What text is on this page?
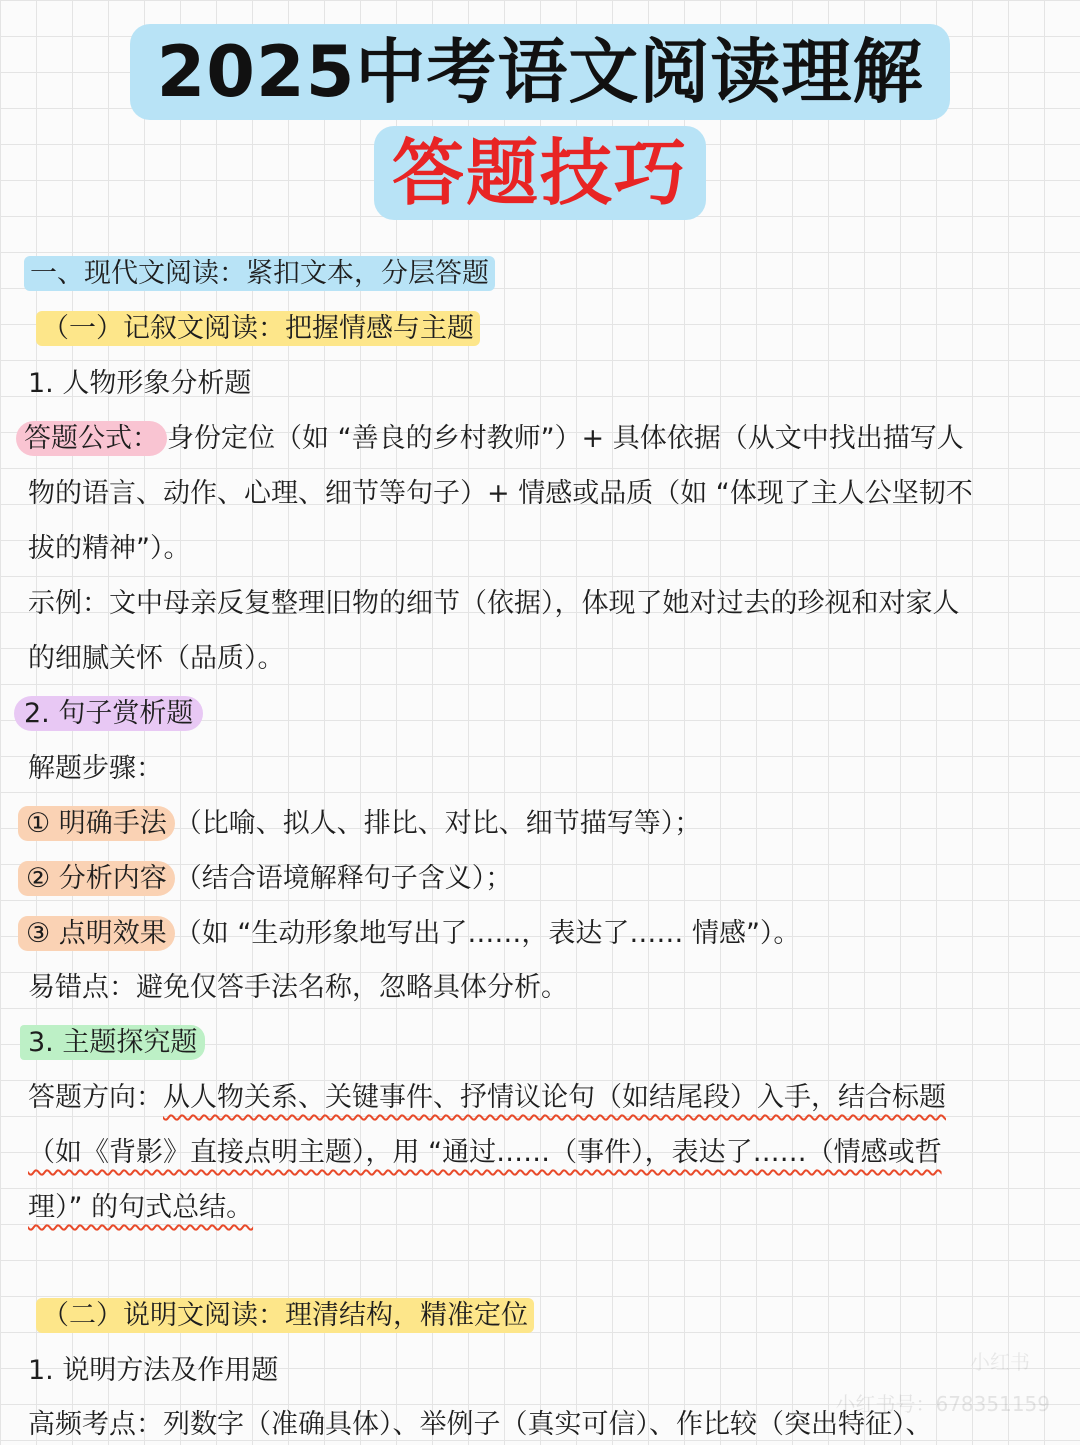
2025中考语文阅读理解
答题技巧
一、现代文阅读：紧扣文本，分层答题
（一）记叙文阅读：把握情感与主题
1. 人物形象分析题
答题公式： 身份定位（如 “善良的乡村教师”）+ 具体依据（从文中找出描写人
物的语言、动作、心理、细节等句子）+ 情感或品质（如 “体现了主人公坚韧不
拔的精神”）。
示例：文中母亲反复整理旧物的细节（依据），体现了她对过去的珍视和对家人
的细腻关怀（品质）。
2. 句子赏析题
解题步骤：
① 明确手法 （比喻、拟人、排比、对比、细节描写等）；
② 分析内容 （结合语境解释句子含义）；
③ 点明效果 （如 “生动形象地写出了……，表达了…… 情感”）。
易错点：避免仅答手法名称，忽略具体分析。
3. 主题探究题
答题方向：从人物关系、关键事件、抒情议论句（如结尾段）入手，结合标题
（如《背影》直接点明主题），用 “通过……（事件），表达了……（情感或哲
理）” 的句式总结。
（二）说明文阅读：理清结构，精准定位
1. 说明方法及作用题
高频考点：列数字（准确具体）、举例子（真实可信）、作比较（突出特征）、
小红书
小红书号：678351159
